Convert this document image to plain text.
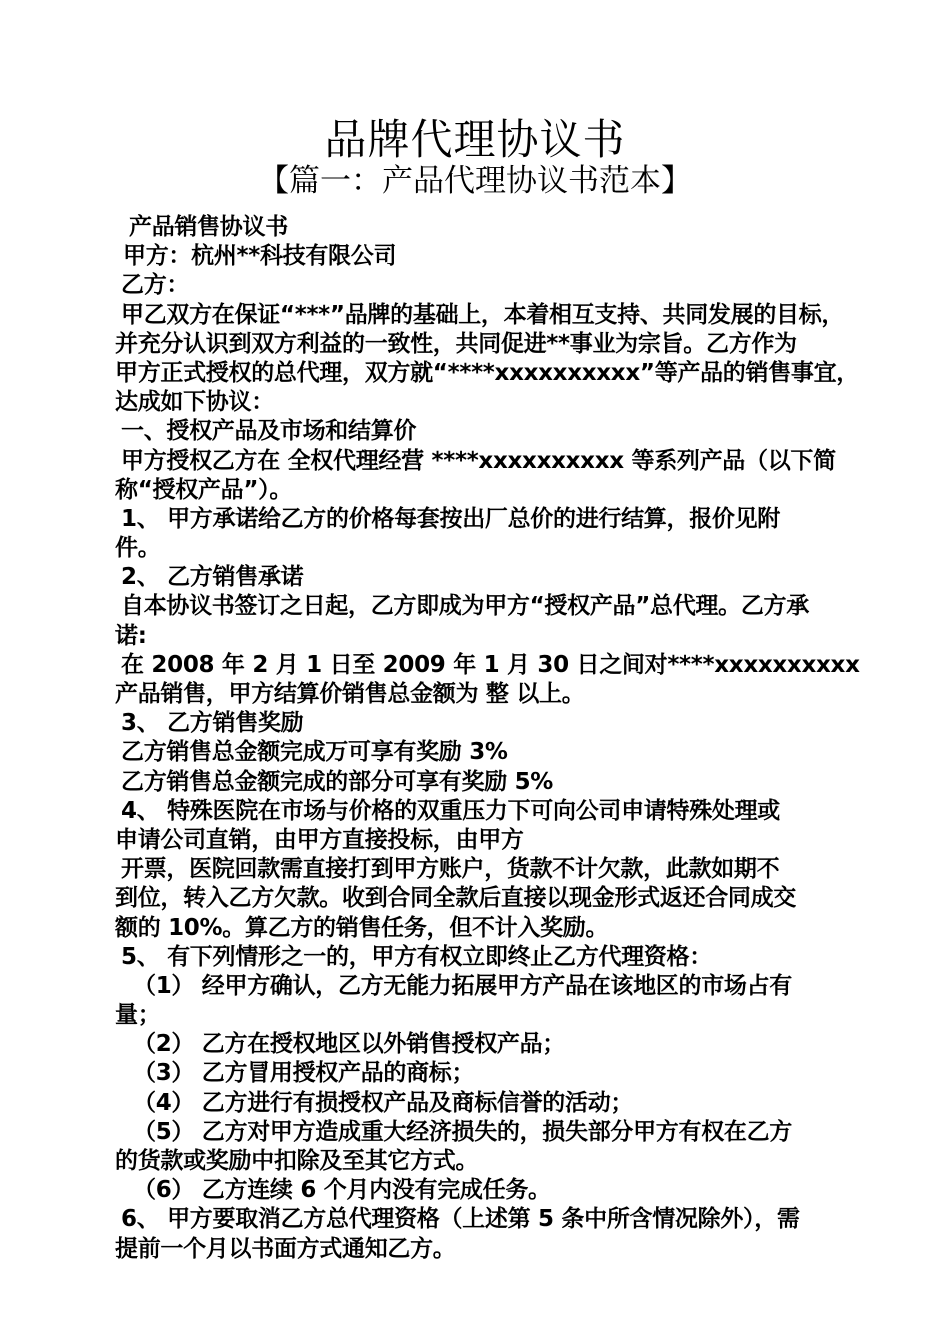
品牌代理协议书
【篇一：产品代理协议书范本】
产品销售协议书
甲方：杭州**科技有限公司
乙方：
甲乙双方在保证“***”品牌的基础上，本着相互支持、共同发展的目标，
并充分认识到双方利益的一致性，共同促进**事业为宗旨。乙方作为
甲方正式授权的总代理，双方就“****xxxxxxxxxx”等产品的销售事宜，
达成如下协议：
一、授权产品及市场和结算价
甲方授权乙方在 全权代理经营 ****xxxxxxxxxx 等系列产品（以下简
称“授权产品”）。
1、 甲方承诺给乙方的价格每套按出厂总价的进行结算，报价见附
件。
2、 乙方销售承诺
自本协议书签订之日起，乙方即成为甲方“授权产品”总代理。乙方承
诺:
在 2008 年 2 月 1 日至 2009 年 1 月 30 日之间对****xxxxxxxxxx
产品销售，甲方结算价销售总金额为 整 以上。
3、 乙方销售奖励
乙方销售总金额完成万可享有奖励 3%
乙方销售总金额完成的部分可享有奖励 5%
4、 特殊医院在市场与价格的双重压力下可向公司申请特殊处理或
申请公司直销，由甲方直接投标，由甲方
开票，医院回款需直接打到甲方账户，货款不计欠款，此款如期不
到位，转入乙方欠款。收到合同全款后直接以现金形式返还合同成交
额的 10%。算乙方的销售任务，但不计入奖励。
5、 有下列情形之一的，甲方有权立即终止乙方代理资格：
（1） 经甲方确认，乙方无能力拓展甲方产品在该地区的市场占有
量；
（2） 乙方在授权地区以外销售授权产品；
（3） 乙方冒用授权产品的商标；
（4） 乙方进行有损授权产品及商标信誉的活动；
（5） 乙方对甲方造成重大经济损失的，损失部分甲方有权在乙方
的货款或奖励中扣除及至其它方式。
（6） 乙方连续 6 个月内没有完成任务。
6、 甲方要取消乙方总代理资格（上述第 5 条中所含情况除外），需
提前一个月以书面方式通知乙方。
